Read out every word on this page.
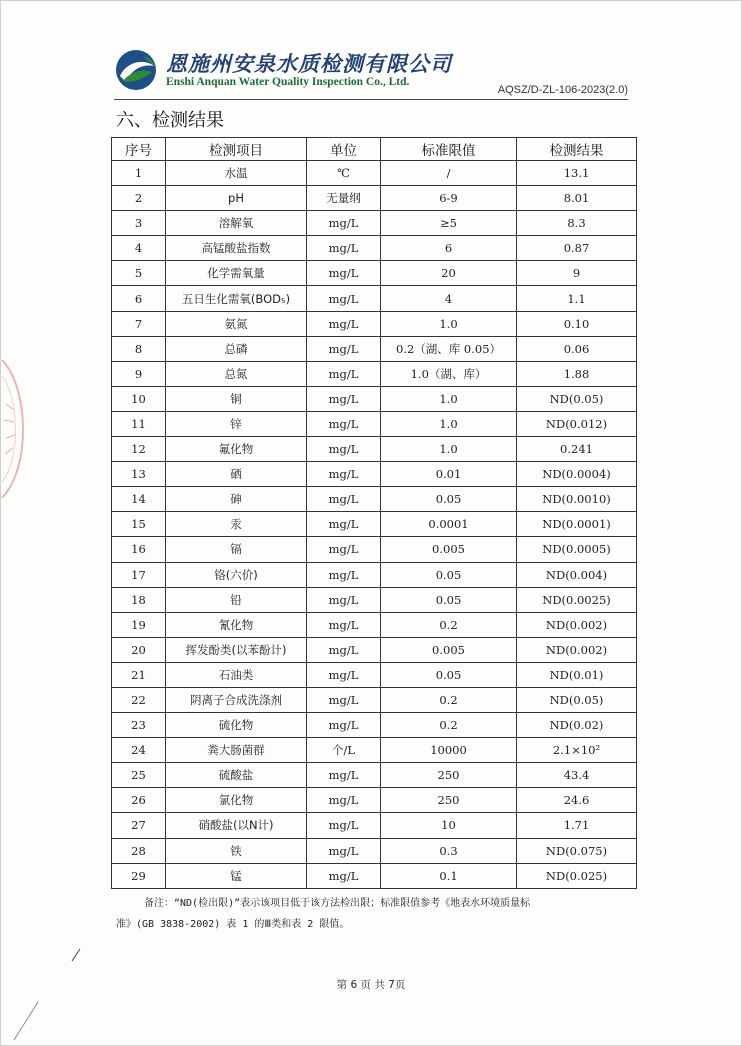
恩施州安泉水质检测有限公司
Enshi Anquan Water Quality Inspection Co., Ltd.
AQSZ/D-ZL-106-2023(2.0)
六、检测结果
序号	检测项目	单位	标准限值	检测结果
1	水温	℃	/	13.1
2	pH	无量纲	6-9	8.01
3	溶解氧	mg/L	≥5	8.3
4	高锰酸盐指数	mg/L	6	0.87
5	化学需氧量	mg/L	20	9
6	五日生化需氧(BOD₅)	mg/L	4	1.1
7	氨氮	mg/L	1.0	0.10
8	总磷	mg/L	0.2（湖、库 0.05）	0.06
9	总氮	mg/L	1.0（湖、库）	1.88
10	铜	mg/L	1.0	ND(0.05)
11	锌	mg/L	1.0	ND(0.012)
12	氟化物	mg/L	1.0	0.241
13	硒	mg/L	0.01	ND(0.0004)
14	砷	mg/L	0.05	ND(0.0010)
15	汞	mg/L	0.0001	ND(0.0001)
16	镉	mg/L	0.005	ND(0.0005)
17	铬(六价)	mg/L	0.05	ND(0.004)
18	铅	mg/L	0.05	ND(0.0025)
19	氰化物	mg/L	0.2	ND(0.002)
20	挥发酚类(以苯酚计)	mg/L	0.005	ND(0.002)
21	石油类	mg/L	0.05	ND(0.01)
22	阴离子合成洗涤剂	mg/L	0.2	ND(0.05)
23	硫化物	mg/L	0.2	ND(0.02)
24	粪大肠菌群	个/L	10000	2.1×10²
25	硫酸盐	mg/L	250	43.4
26	氯化物	mg/L	250	24.6
27	硝酸盐(以N计)	mg/L	10	1.71
28	铁	mg/L	0.3	ND(0.075)
29	锰	mg/L	0.1	ND(0.025)
备注：“ND(检出限)”表示该项目低于该方法检出限；标准限值参考《地表水环境质量标
准》(GB 3838-2002) 表 1 的Ⅲ类和表 2 限值。
第 6 页 共 7页
